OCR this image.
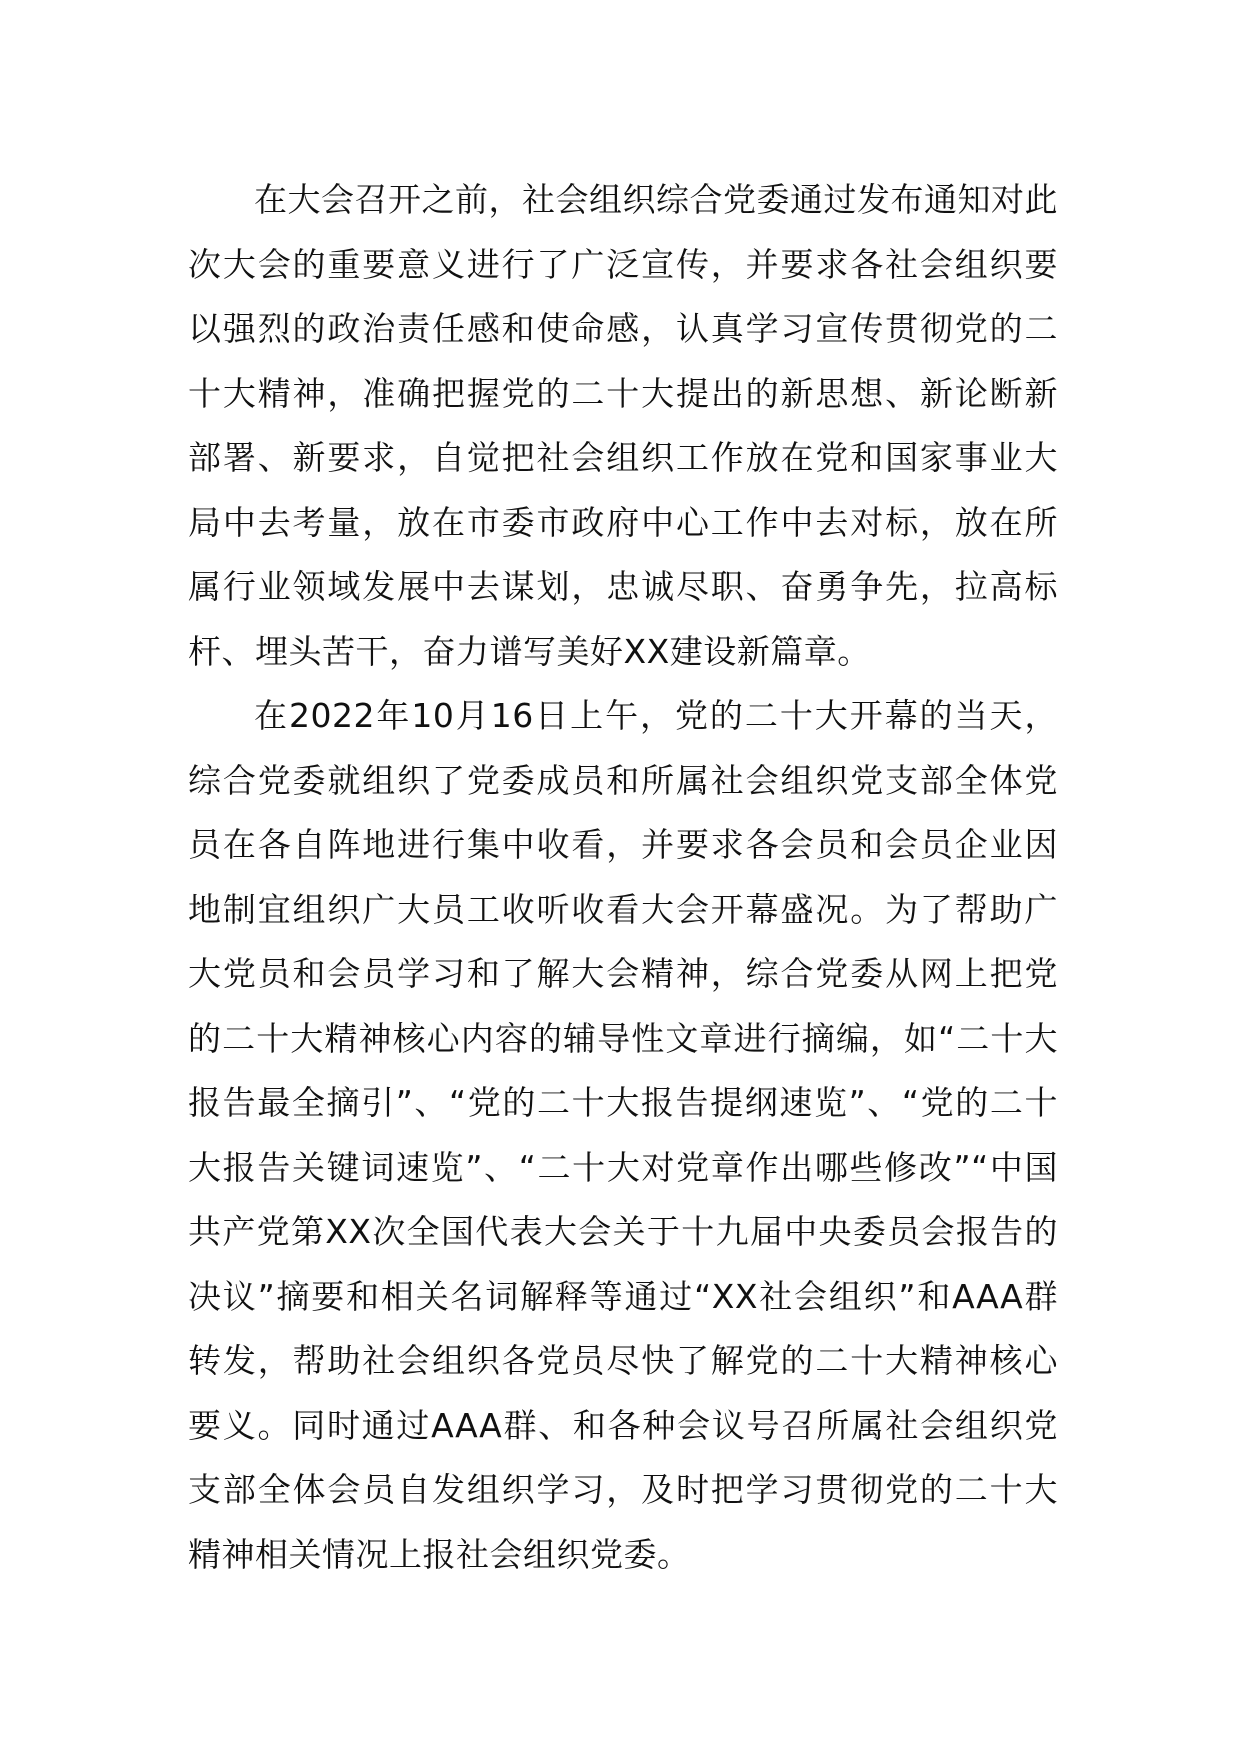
在大会召开之前，社会组织综合党委通过发布通知对此次大会的重要意义进行了广泛宣传，并要求各社会组织要以强烈的政治责任感和使命感，认真学习宣传贯彻党的二十大精神，准确把握党的二十大提出的新思想、新论断新部署、新要求，自觉把社会组织工作放在党和国家事业大局中去考量，放在市委市政府中心工作中去对标，放在所属行业领域发展中去谋划，忠诚尽职、奋勇争先，拉高标杆、埋头苦干，奋力谱写美好XX建设新篇章。

在2022年10月16日上午，党的二十大开幕的当天，综合党委就组织了党委成员和所属社会组织党支部全体党员在各自阵地进行集中收看，并要求各会员和会员企业因地制宜组织广大员工收听收看大会开幕盛况。为了帮助广大党员和会员学习和了解大会精神，综合党委从网上把党的二十大精神核心内容的辅导性文章进行摘编，如“二十大报告最全摘引”、“党的二十大报告提纲速览”、“党的二十大报告关键词速览”、“二十大对党章作出哪些修改”“中国共产党第XX次全国代表大会关于十九届中央委员会报告的决议”摘要和相关名词解释等通过“XX社会组织”和AAA群转发，帮助社会组织各党员尽快了解党的二十大精神核心要义。同时通过AAA群、和各种会议号召所属社会组织党支部全体会员自发组织学习，及时把学习贯彻党的二十大精神相关情况上报社会组织党委。
